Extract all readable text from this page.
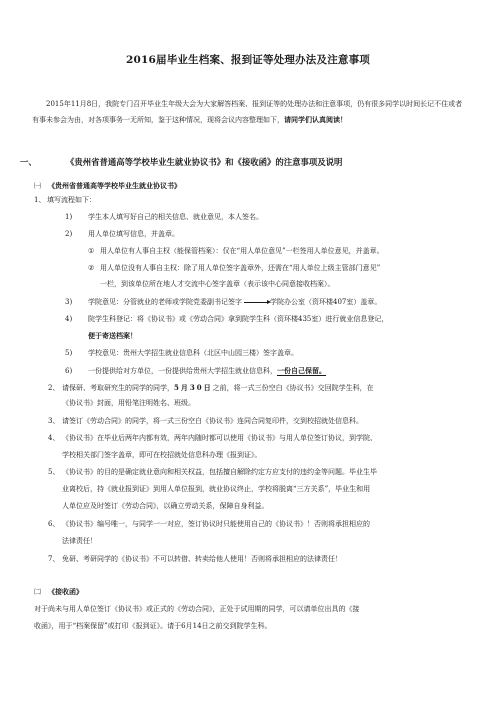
2016届毕业生档案、报到证等处理办法及注意事项
2015年11月8日，我院专门召开毕业生年级大会为大家解答档案、报到证等的处理办法和注意事项，仍有很多同学以时间长记不住或者有事未参会为由，对各项事务一无所知，鉴于这种情况，现将会议内容整理如下，请同学们认真阅读！
一、	《贵州省普通高等学校毕业生就业协议书》和《接收函》的注意事项及说明
㈠ 《贵州省普通高等学校毕业生就业协议书》
1、 填写流程如下：
1) 学生本人填写好自己的相关信息、就业意见，本人签名。
2) 用人单位填写信息，并盖章。
① 用人单位有人事自主权（能保管档案）：仅在“用人单位意见”一栏签用人单位意见，并盖章。
② 用人单位没有人事自主权：除了用人单位签字盖章外，还需在“用人单位上级主管部门意见”
一栏，到该单位所在地人才交流中心签字盖章（表示该中心同意接收档案）。
3) 学院意见：分管就业的老师或学院党委副书记签字	学院办公室（资环楼407室）盖章。
4) 院学生科登记：将《协议书》或《劳动合同》拿到院学生科（资环楼435室）进行就业信息登记，
便于寄送档案！
5) 学校意见：贵州大学招生就业信息科（北区中山园三楼）签字盖章。
6) 一份提供给对方单位，一份提供给贵州大学招生就业信息科，一份自己保留。
2、 请保研、考取研究生的同学的同学，5月30日之前，将一式三份空白《协议书》交回院学生科，在
《协议书》封面，用铅笔注明姓名、班级。
3、 请签订《劳动合同》的同学，将一式三份空白《协议书》连同合同复印件，交到校招就处信息科。
4、 《协议书》在毕业后两年内都有效，两年内随时都可以使用《协议书》与用人单位签订协议，到学院、
学校相关部门签字盖章，即可在校招就处信息科办理《报到证》。
5、 《协议书》的目的是确定就业意向和相关权益，包括擅自解除约定方应支付的违约金等问题。毕业生毕
业离校后，持《就业报到证》到用人单位报到，就业协议终止，学校将脱离“三方关系”，毕业生和用
人单位应及时签订《劳动合同》，以确立劳动关系，保障自身利益。
6、 《协议书》编号唯一，与同学一一对应，签订协议时只能使用自己的《协议书》！否则将承担相应的
法律责任！
7、 免研、考研同学的《协议书》不可以转借、转卖给他人使用！否则将承担相应的法律责任！
㈡ 《接收函》
对于尚未与用人单位签订《协议书》或正式的《劳动合同》，正处于试用期的同学，可以请单位出具的《接
收函》，用于“档案保留”或打印《报到证》。请于6月14日之前交到院学生科。
